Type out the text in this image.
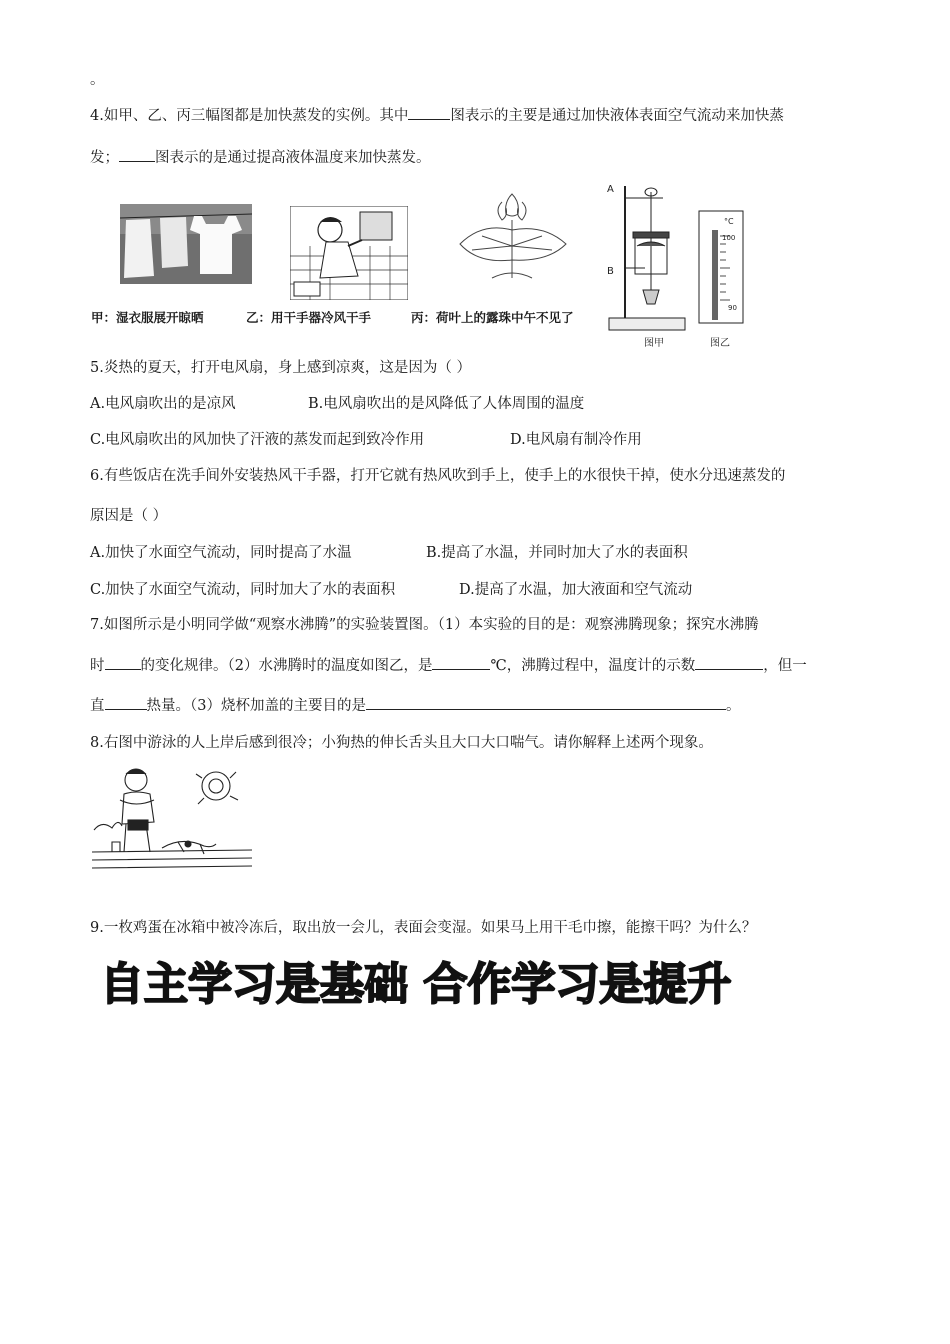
。
4.如甲、乙、丙三幅图都是加快蒸发的实例。其中	图表示的主要是通过加快液体表面空气流动来加快蒸
发； 图表示的是通过提高液体温度来加快蒸发。
甲：湿衣服展开晾晒	乙：用干手器冷风干手	丙：荷叶上的露珠中午不见了
A
B
图甲
°C
100
90
图乙
5.炎热的夏天，打开电风扇，身上感到凉爽，这是因为（ ）
A.电风扇吹出的是凉风	B.电风扇吹出的是风降低了人体周围的温度
C.电风扇吹出的风加快了汗液的蒸发而起到致冷作用	D.电风扇有制冷作用
6.有些饭店在洗手间外安装热风干手器，打开它就有热风吹到手上，使手上的水很快干掉，使水分迅速蒸发的
原因是（ ）
A.加快了水面空气流动，同时提高了水温	B.提高了水温，并同时加大了水的表面积
C.加快了水面空气流动，同时加大了水的表面积	D.提高了水温，加大液面和空气流动
7.如图所示是小明同学做“观察水沸腾”的实验装置图。（1）本实验的目的是：观察沸腾现象；探究水沸腾
时 的变化规律。（2）水沸腾时的温度如图乙，是	℃，沸腾过程中，温度计的示数	，但一
直	热量。（3）烧杯加盖的主要目的是	。
8.右图中游泳的人上岸后感到很冷；小狗热的伸长舌头且大口大口喘气。请你解释上述两个现象。
9.一枚鸡蛋在冰箱中被冷冻后，取出放一会儿，表面会变湿。如果马上用干毛巾擦，能擦干吗？为什么？
自主学习是基础 合作学习是提升
